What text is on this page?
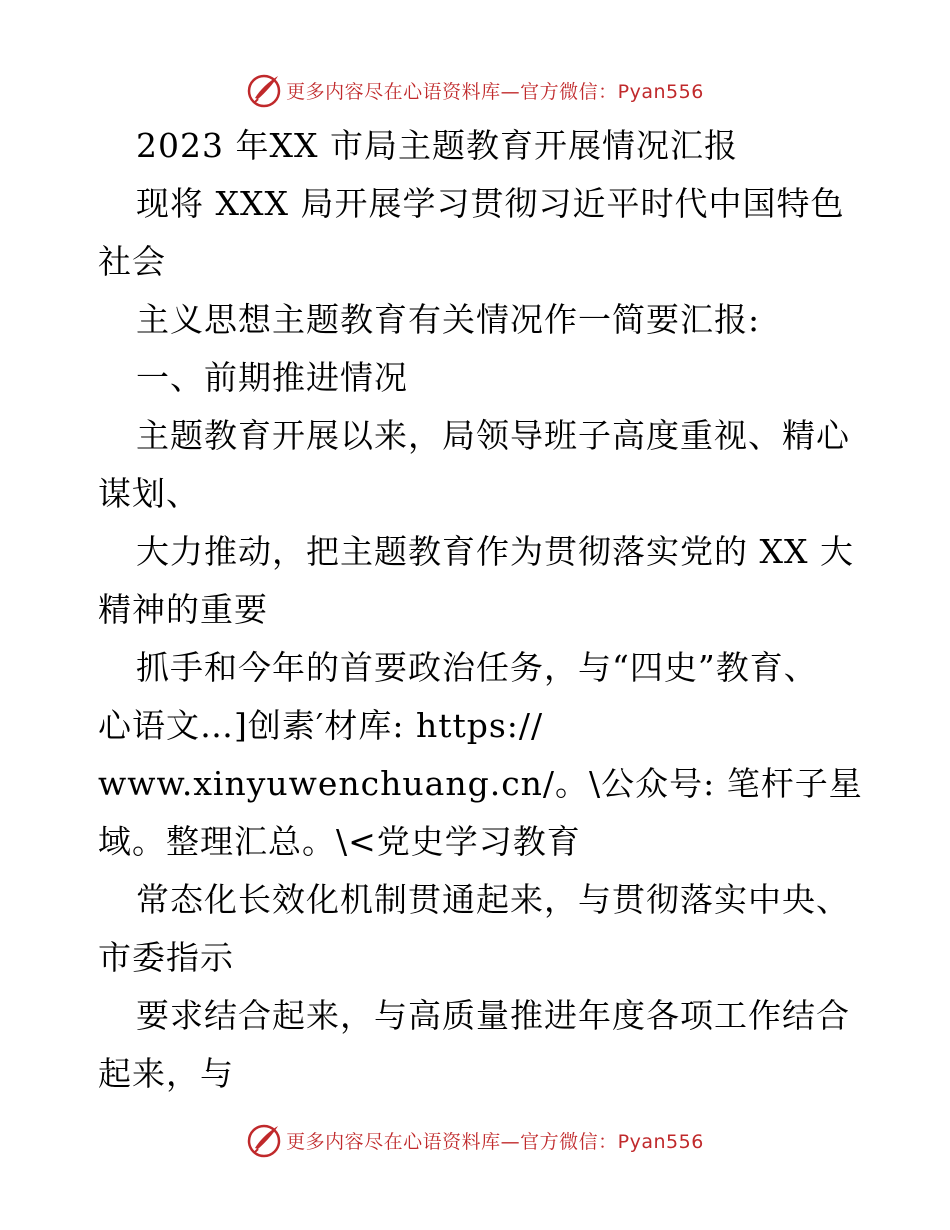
更多内容尽在心语资料库—官方微信：Pyan556
2023 年XX 市局主题教育开展情况汇报
现将 XXX 局开展学习贯彻习近平时代中国特色
社会
主义思想主题教育有关情况作一简要汇报:
一、前期推进情况
主题教育开展以来，局领导班子高度重视、精心
谋划、
大力推动，把主题教育作为贯彻落实党的 XX 大
精神的重要
抓手和今年的首要政治任务，与“四史”教育、
心语文…]创素′材库: https://
www.xinyuwenchuang.cn/。\公众号: 笔杆子星
域。整理汇总。\<党史学习教育
常态化长效化机制贯通起来，与贯彻落实中央、
市委指示
要求结合起来，与高质量推进年度各项工作结合
起来，与
更多内容尽在心语资料库—官方微信：Pyan556
